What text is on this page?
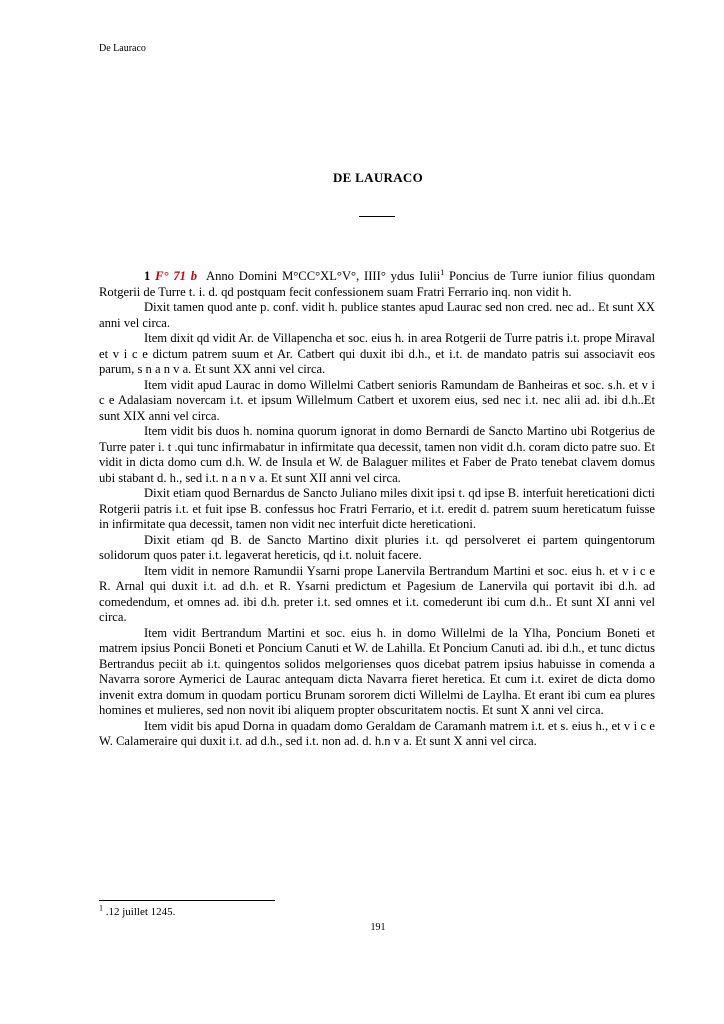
De Lauraco
DE LAURACO

1 F° 71 b Anno Domini M°CC°XL°V°, IIII° ydus Iulii$^1$ Poncius de Turre iunior filius quondam Rotgerii de Turre t. i. d. qd postquam fecit confessionem suam Fratri Ferrario inq. non vidit h.

Dixit tamen quod ante p. conf. vidit h. publice stantes apud Laurac sed non cred. nec ad.. Et sunt XX anni vel circa.

Item dixit qd vidit Ar. de Villapencha et soc. eius h. in area Rotgerii de Turre patris i.t. prope Miraval et v i c e dictum patrem suum et Ar. Catbert qui duxit ibi d.h., et i.t. de mandato patris sui associavit eos parum, s n a n v a. Et sunt XX anni vel circa.

Item vidit apud Laurac in domo Willelmi Catbert senioris Ramundam de Banheiras et soc. s.h. et v i c e Adalasiam novercam i.t. et ipsum Willelmum Catbert et uxorem eius, sed nec i.t. nec alii ad. ibi d.h..Et sunt XIX anni vel circa.

Item vidit bis duos h. nomina quorum ignorat in domo Bernardi de Sancto Martino ubi Rotgerius de Turre pater i. t .qui tunc infirmabatur in infirmitate qua decessit, tamen non vidit d.h. coram dicto patre suo. Et vidit in dicta domo cum d.h. W. de Insula et W. de Balaguer milites et Faber de Prato tenebat clavem domus ubi stabant d. h., sed i.t. n a n v a. Et sunt XII anni vel circa.

Dixit etiam quod Bernardus de Sancto Juliano miles dixit ipsi t. qd ipse B. interfuit hereticationi dicti Rotgerii patris i.t. et fuit ipse B. confessus hoc Fratri Ferrario, et i.t. eredit d. patrem suum hereticatum fuisse in infirmitate qua decessit, tamen non vidit nec interfuit dicte hereticationi.

Dixit etiam qd B. de Sancto Martino dixit pluries i.t. qd persolveret ei partem quingentorum solidorum quos pater i.t. legaverat hereticis, qd i.t. noluit facere.

Item vidit in nemore Ramundii Ysarni prope Lanervila Bertrandum Martini et soc. eius h. et v i c e R. Arnal qui duxit i.t. ad d.h. et R. Ysarni predictum et Pagesium de Lanervila qui portavit ibi d.h. ad comedendum, et omnes ad. ibi d.h. preter i.t. sed omnes et i.t. comederunt ibi cum d.h.. Et sunt XI anni vel circa.

Item vidit Bertrandum Martini et soc. eius h. in domo Willelmi de la Ylha, Poncium Boneti et matrem ipsius Poncii Boneti et Poncium Canuti et W. de Lahilla. Et Poncium Canuti ad. ibi d.h., et tunc dictus Bertrandus peciit ab i.t. quingentos solidos melgorienses quos dicebat patrem ipsius habuisse in comenda a Navarra sorore Aymerici de Laurac antequam dicta Navarra fieret heretica. Et cum i.t. exiret de dicta domo invenit extra domum in quodam porticu Brunam sororem dicti Willelmi de Laylha. Et erant ibi cum ea plures homines et mulieres, sed non novit ibi aliquem propter obscuritatem noctis. Et sunt X anni vel circa.

Item vidit bis apud Dorna in quadam domo Geraldam de Caramanh matrem i.t. et s. eius h., et v i c e W. Calameraire qui duxit i.t. ad d.h., sed i.t. non ad. d. h.n v a. Et sunt X anni vel circa.

$^1$ .12 juillet 1245.
191
